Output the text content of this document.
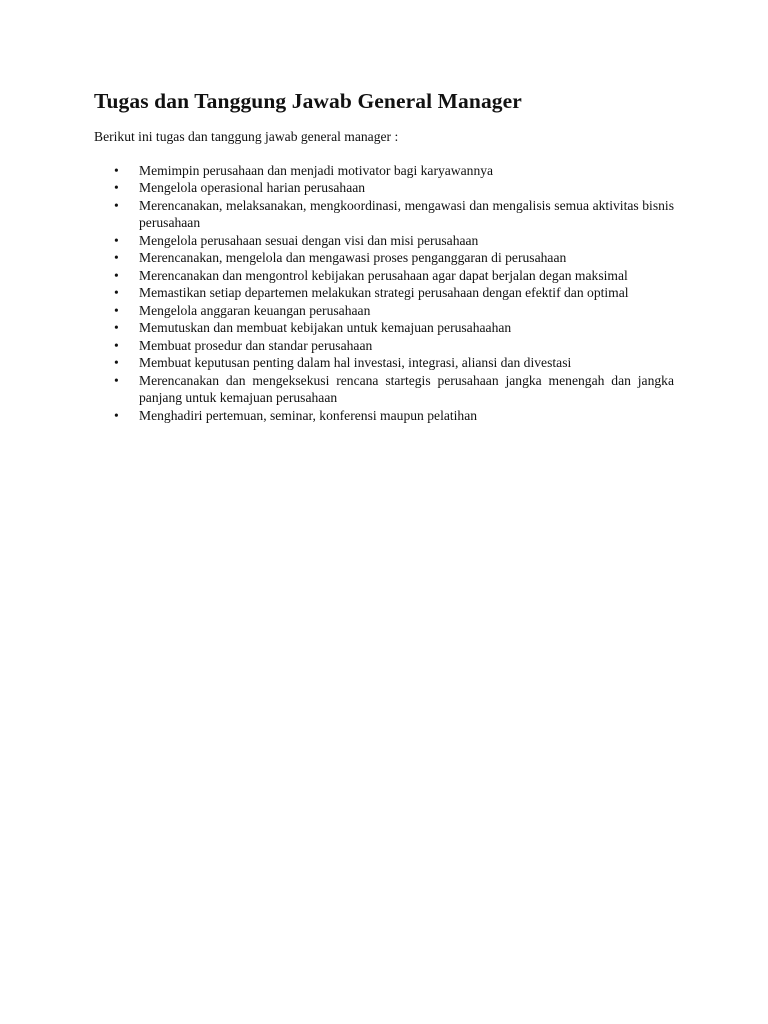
Tugas dan Tanggung Jawab General Manager

Berikut ini tugas dan tanggung jawab general manager :

• Memimpin perusahaan dan menjadi motivator bagi karyawannya
• Mengelola operasional harian perusahaan
• Merencanakan, melaksanakan, mengkoordinasi, mengawasi dan mengalisis semua aktivitas bisnis perusahaan
• Mengelola perusahaan sesuai dengan visi dan misi perusahaan
• Merencanakan, mengelola dan mengawasi proses penganggaran di perusahaan
• Merencanakan dan mengontrol kebijakan perusahaan agar dapat berjalan degan maksimal
• Memastikan setiap departemen melakukan strategi perusahaan dengan efektif dan optimal
• Mengelola anggaran keuangan perusahaan
• Memutuskan dan membuat kebijakan untuk kemajuan perusahaahan
• Membuat prosedur dan standar perusahaan
• Membuat keputusan penting dalam hal investasi, integrasi, aliansi dan divestasi
• Merencanakan dan mengeksekusi rencana startegis perusahaan jangka menengah dan jangka panjang untuk kemajuan perusahaan
• Menghadiri pertemuan, seminar, konferensi maupun pelatihan
